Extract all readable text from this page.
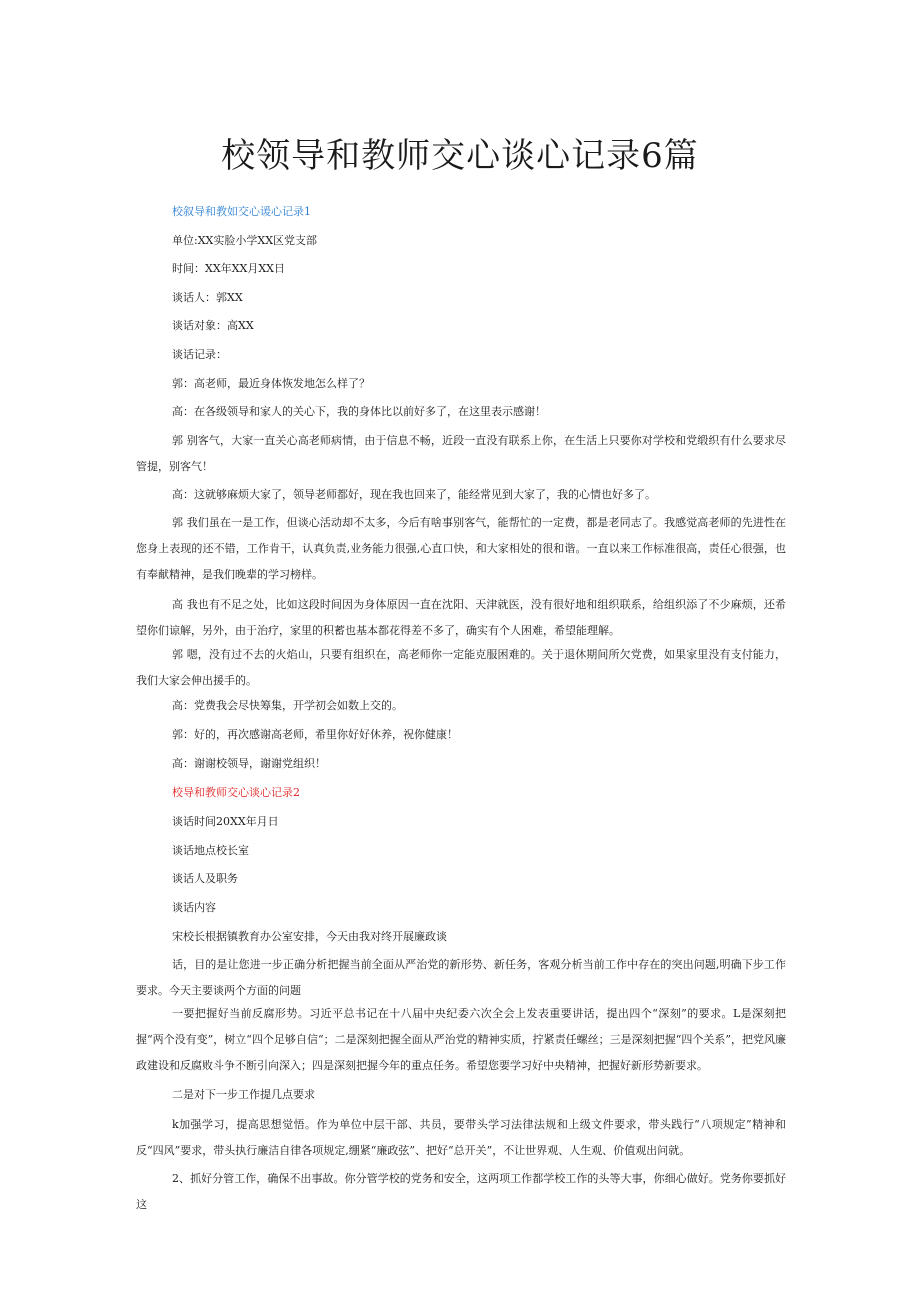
校领导和教师交心谈心记录6篇

校叙导和教如交心谖心记录1

单位:XX实脸小学XX区党支部

时间：XX年XX月XX日

谈话人：郭XX

谈话对象：高XX

谈话记录：

郭：高老师，最近身体恢发地怎么样了？

高：在各级领导和家人的关心下，我的身体比以前好多了，在这里表示感谢！

郭 别客气，大家一直关心高老师病情，由于信息不畅，近段一直没有联系上你，在生活上只要你对学校和党缎织有什么要求尽管提，别客气！

高：这就够麻烦大家了，领导老师都好，现在我也回来了，能经常见到大家了，我的心情也好多了。

郭 我们虽在一是工作，但谈心活动却不太多，今后有啥事别客气，能帮忙的一定费，都是老同志了。我感觉高老师的先进性在您身上表现的还不错，工作肯干，认真负责,业务能力很强,心直口快，和大家相处的很和谐。一直以来工作标准很高，责任心很强，也有奉献精神，是我们晚辈的学习榜样。

高 我也有不足之处，比如这段时间因为身体原因一直在沈阳、天津就医，没有很好地和组织联系，给组织添了不少麻烦，还希望你们谅解，另外，由于治疗，家里的积蓄也基本都花得差不多了，确实有个人困难，希望能理解。

郭 嗯，没有过不去的火焰山，只要有组织在，高老师你一定能克服困难的。关于退休期间所欠党费，如果家里没有支付能力，我们大家会伸出援手的。

高：党费我会尽快筹集，开学初会如数上交的。

郭：好的，再次感谢高老师，希里你好好休养，祝你健康！

高：谢谢校领导，谢谢党组织！

校导和教师交心谈心记录2

谈话时间20XX年月日

谈话地点校长室

谈话人及职务

谈话内容

宋校长根据镇教育办公室安排，今天由我对终开展廉政谈

话，目的是让您进一步正确分析把握当前全面从严治党的新形势、新任务，客观分析当前工作中存在的突出问题,明确下步工作要求。今天主要谈两个方面的问题

一要把握好当前反腐形势。习近平总书记在十八届中央纪委六次全会上发表重要讲话，提出四个“深刻”的要求。L是深刻把握“两个没有变”，树立“四个足够自信“；二是深刻把握全面从严治党的精神实质，拧紧责任螺丝；三是深刻把握“四个关系”，把党风廉政建设和反腐败斗争不断引向深入；四是深刻把握今年的重点任务。希望您要学习好中央精神，把握好新形势新要求。

二是对下一步工作提几点要求

k加强学习，提高思想觉悟。作为单位中层干部、共员，要带头学习法律法规和上级文件要求，带头践行“八项规定”精神和反“四风”要求，带头执行廉洁自律各项规定,绷紧“廉政弦”、把好“总开关”，不让世界观、人生观、价值观出问就。

2、抓好分管工作，确保不出事故。你分管学校的党务和安全，这两项工作都学校工作的头等大事，你细心做好。党务你要抓好这
